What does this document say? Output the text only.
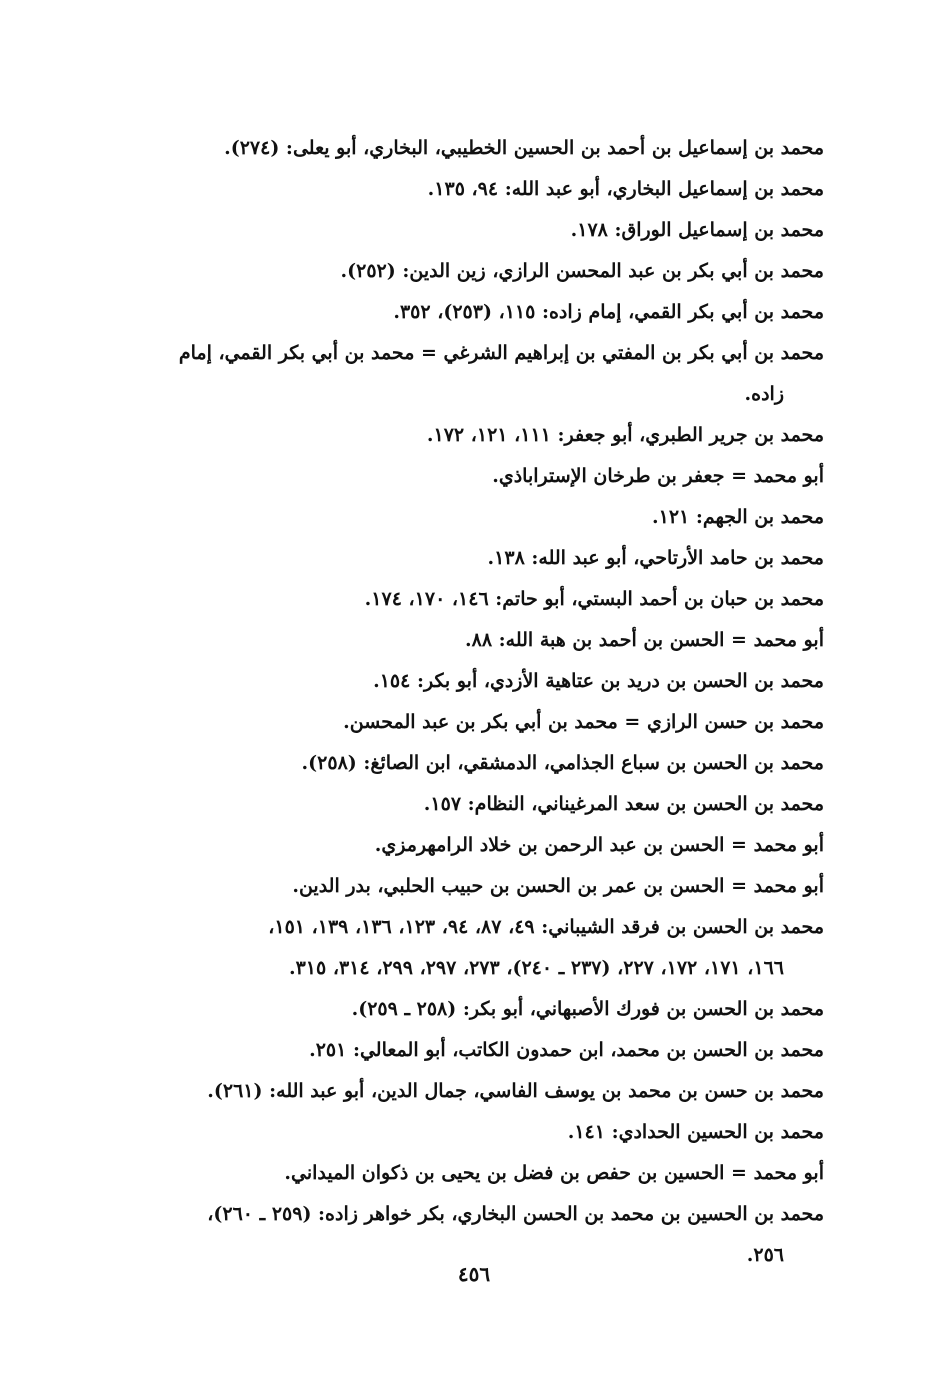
محمد بن إسماعيل بن أحمد بن الحسين الخطيبي، البخاري، أبو يعلى: (٢٧٤).

محمد بن إسماعيل البخاري، أبو عبد الله: ٩٤، ١٣٥.

محمد بن إسماعيل الوراق: ١٧٨.

محمد بن أبي بكر بن عبد المحسن الرازي، زين الدين: (٢٥٢).

محمد بن أبي بكر القمي، إمام زاده: ١١٥، (٢٥٣)، ٣٥٢.

محمد بن أبي بكر بن المفتي بن إبراهيم الشرغي = محمد بن أبي بكر القمي، إمام
زاده.

محمد بن جرير الطبري، أبو جعفر: ١١١، ١٢١، ١٧٢.

أبو محمد = جعفر بن طرخان الإستراباذي.

محمد بن الجهم: ١٢١.

محمد بن حامد الأرتاحي، أبو عبد الله: ١٣٨.

محمد بن حبان بن أحمد البستي، أبو حاتم: ١٤٦، ١٧٠، ١٧٤.

أبو محمد = الحسن بن أحمد بن هبة الله: ٨٨.

محمد بن الحسن بن دريد بن عتاهية الأزدي، أبو بكر: ١٥٤.

محمد بن حسن الرازي = محمد بن أبي بكر بن عبد المحسن.

محمد بن الحسن بن سباع الجذامي، الدمشقي، ابن الصائغ: (٢٥٨).

محمد بن الحسن بن سعد المرغيناني، النظام: ١٥٧.

أبو محمد = الحسن بن عبد الرحمن بن خلاد الرامهرمزي.

أبو محمد = الحسن بن عمر بن الحسن بن حبيب الحلبي، بدر الدين.

محمد بن الحسن بن فرقد الشيباني: ٤٩، ٨٧، ٩٤، ١٢٣، ١٣٦، ١٣٩، ١٥١،
١٦٦، ١٧١، ١٧٢، ٢٢٧، (٢٣٧ ـ ٢٤٠)، ٢٧٣، ٢٩٧، ٢٩٩، ٣١٤، ٣١٥.

محمد بن الحسن بن فورك الأصبهاني، أبو بكر: (٢٥٨ ـ ٢٥٩).

محمد بن الحسن بن محمد، ابن حمدون الكاتب، أبو المعالي: ٢٥١.

محمد بن حسن بن محمد بن يوسف الفاسي، جمال الدين، أبو عبد الله: (٢٦١).

محمد بن الحسين الحدادي: ١٤١.

أبو محمد = الحسين بن حفص بن فضل بن يحيى بن ذكوان الميداني.

محمد بن الحسين بن محمد بن الحسن البخاري، بكر خواهر زاده: (٢٥٩ ـ ٢٦٠)،
٢٥٦.

٤٥٦
